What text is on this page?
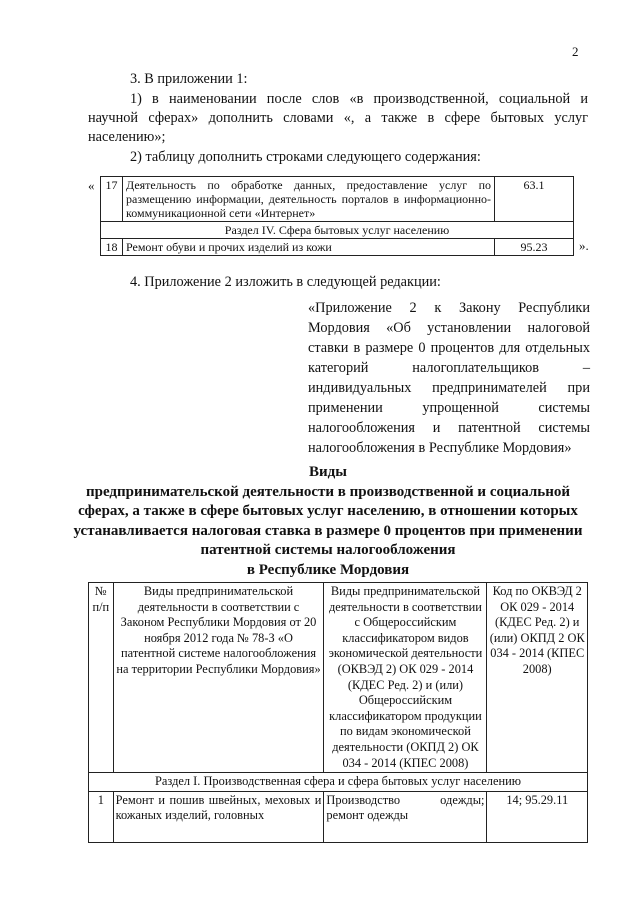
2

3. В приложении 1:

1) в наименовании после слов «в производственной, социальной и научной сферах» дополнить словами «, а также в сфере бытовых услуг населению»;

2) таблицу дополнить строками следующего содержания:

« 17	Деятельность по обработке данных, предоставление услуг по размещению информации, деятельность порталов в информационно-коммуникационной сети «Интернет»	63.1
Раздел IV. Сфера бытовых услуг населению		
18	Ремонт обуви и прочих изделий из кожи	95.23 ».

4. Приложение 2 изложить в следующей редакции:

«Приложение 2 к Закону Республики Мордовия «Об установлении налоговой ставки в размере 0 процентов для отдельных категорий налогоплательщиков – индивидуальных предпринимателей при применении упрощенной системы налогообложения и патентной системы налогообложения в Республике Мордовия»
Виды
предпринимательской деятельности в производственной и социальной сферах, а также в сфере бытовых услуг населению, в отношении которых устанавливается налоговая ставка в размере 0 процентов при применении патентной системы налогообложения
в Республике Мордовия
№ п/п	Виды предпринимательской деятельности в соответствии с Законом Республики Мордовия от 20 ноября 2012 года № 78-З «О патентной системе налогообложения на территории Республики Мордовия»	Виды предпринимательской деятельности в соответствии с Общероссийским классификатором видов экономической деятельности (ОКВЭД 2) ОК 029 - 2014 (КДЕС Ред. 2) и (или) Общероссийским классификатором продукции по видам экономической деятельности (ОКПД 2) ОК 034 - 2014 (КПЕС 2008)	Код по ОКВЭД 2 ОК 029 - 2014 (КДЕС Ред. 2) и (или) ОКПД 2 ОК 034 - 2014 (КПЕС 2008)
Раздел I. Производственная сфера и сфера бытовых услуг населению			
1	Ремонт и пошив швейных, меховых и кожаных изделий, головных	Производство одежды; ремонт одежды	14; 95.29.11
